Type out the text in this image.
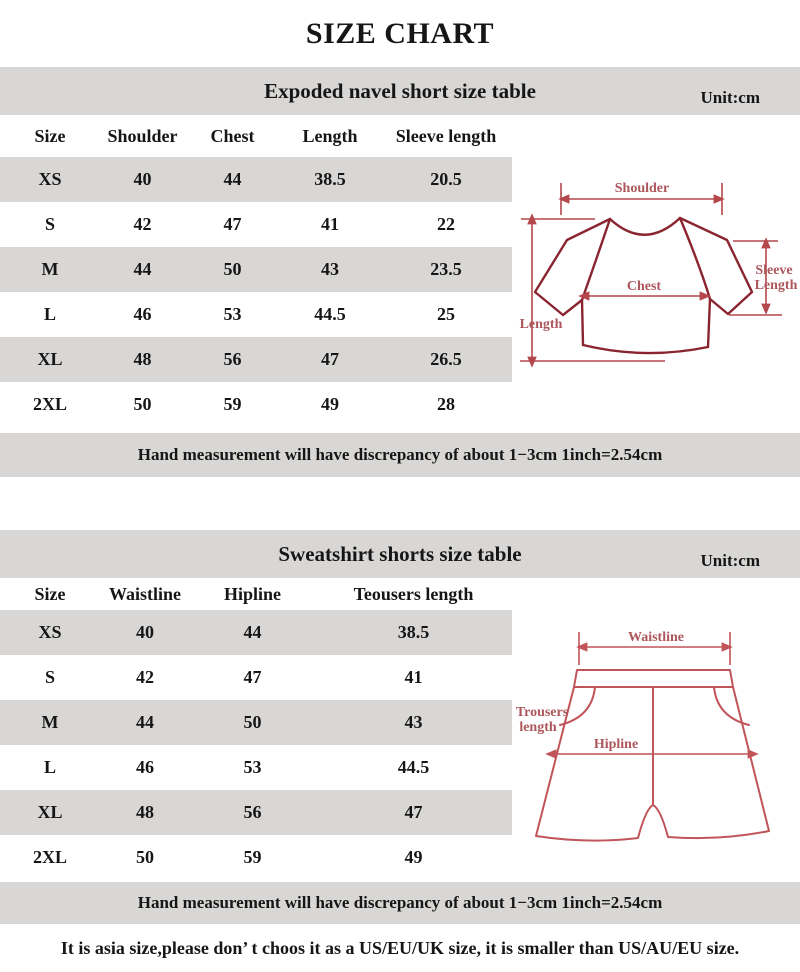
SIZE CHART
Expoded navel short size table	Unit:cm
Size	Shoulder	Chest	Length	Sleeve length
XS	40	44	38.5	20.5
S	42	47	41	22
M	44	50	43	23.5
L	46	53	44.5	25
XL	48	56	47	26.5
2XL	50	59	49	28
Hand measurement will have discrepancy of about 1−3cm 1inch=2.54cm
Sweatshirt shorts size table	Unit:cm
Size	Waistline	Hipline	Teousers length
XS	40	44	38.5
S	42	47	41
M	44	50	43
L	46	53	44.5
XL	48	56	47
2XL	50	59	49
Hand measurement will have discrepancy of about 1−3cm 1inch=2.54cm
It is asia size,please don’ t choos it as a US/EU/UK size, it is smaller than US/AU/EU size.
Shoulder
Chest
Length
Sleeve
Length
Waistline
Trousers
length
Hipline
